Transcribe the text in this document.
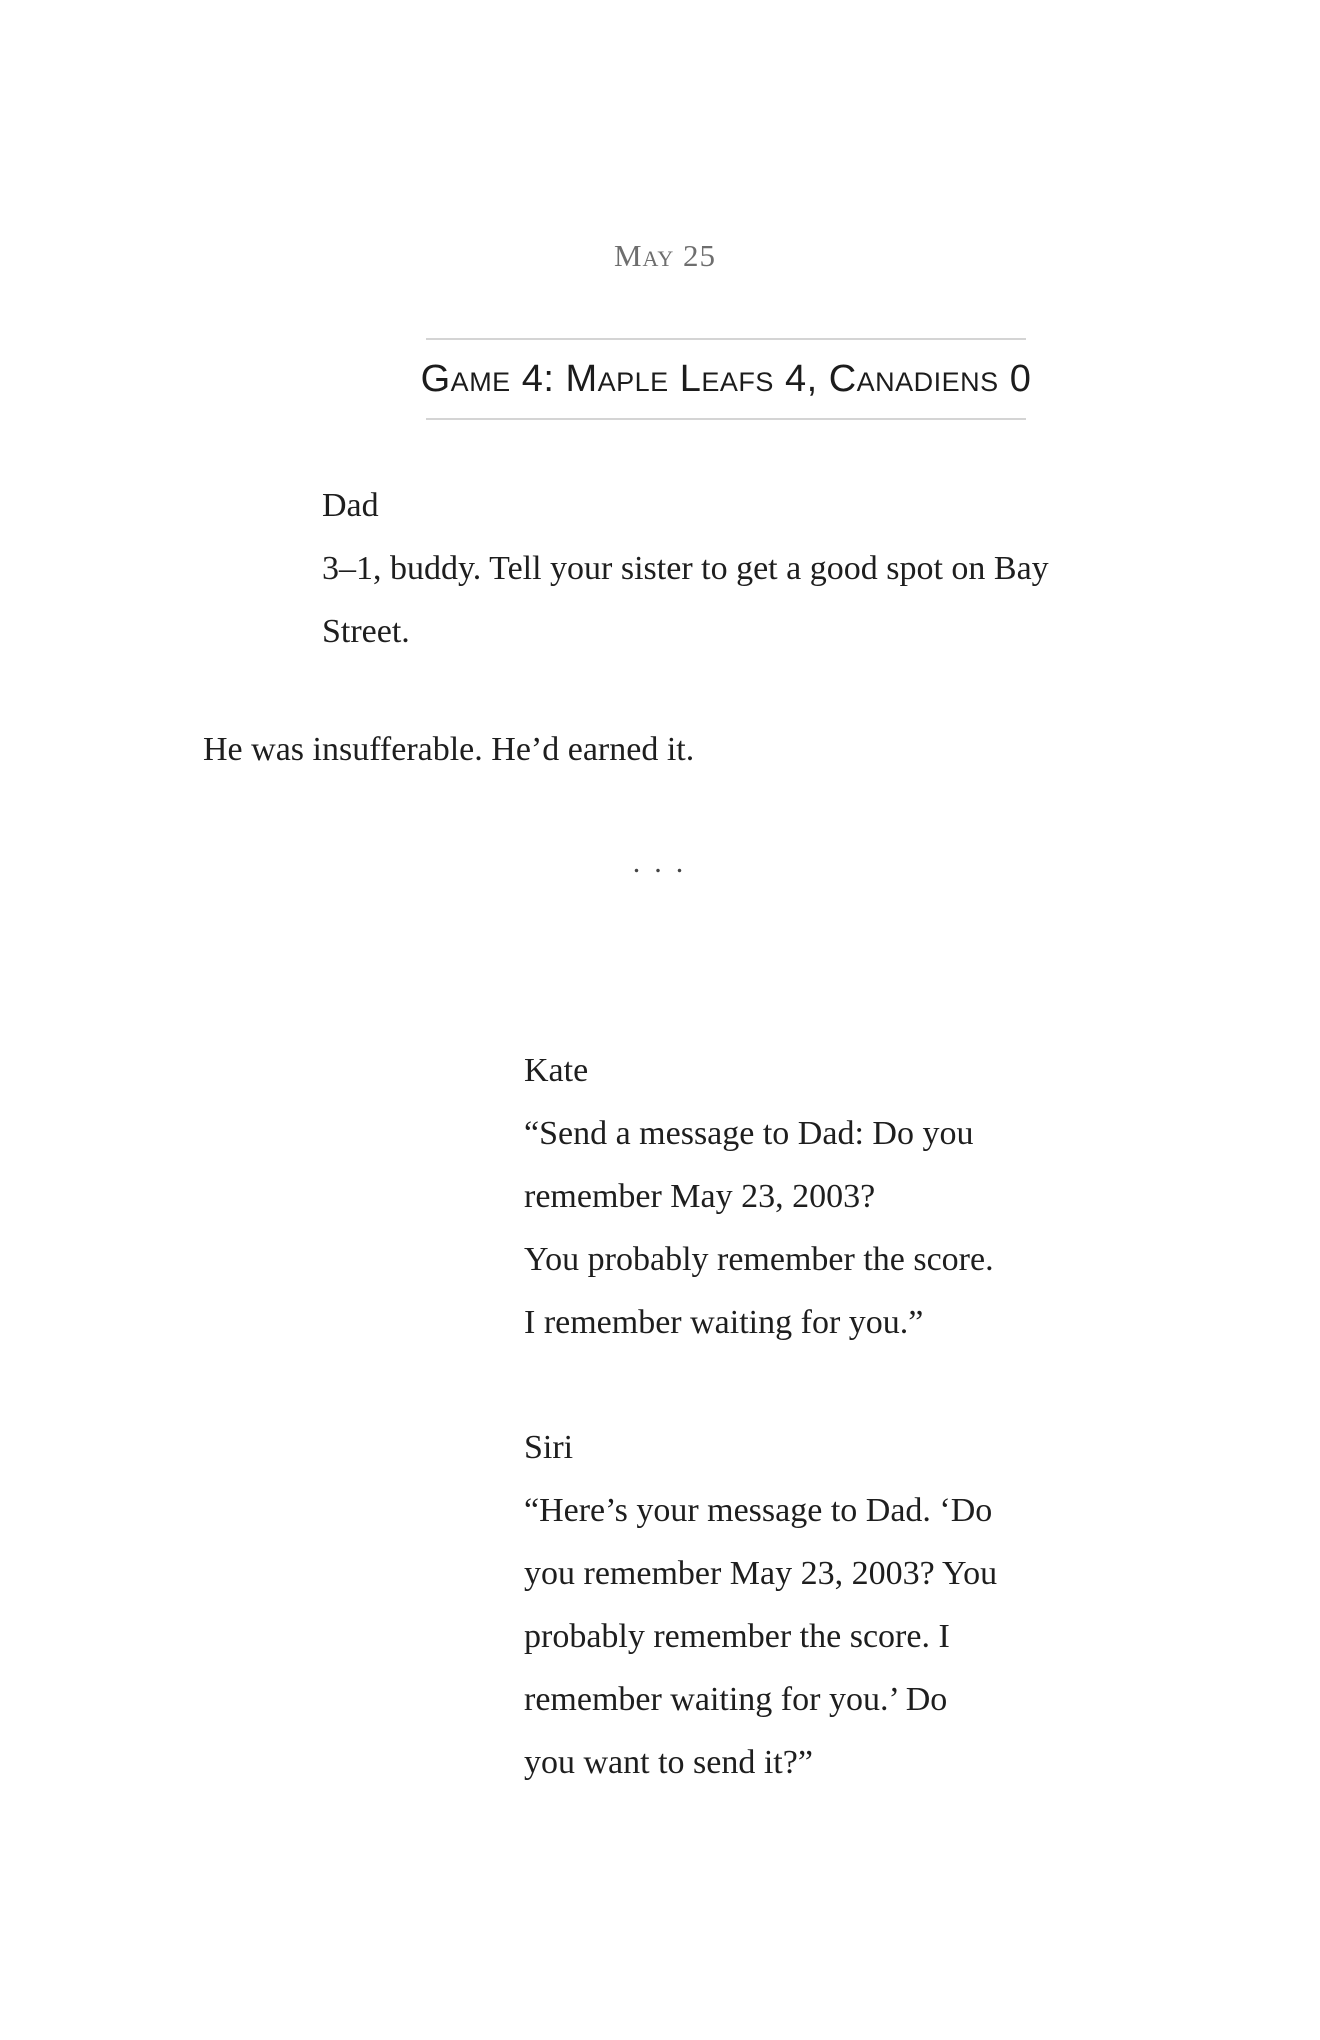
May 25
Game 4: Maple Leafs 4, Canadiens 0
Dad
3–1, buddy. Tell your sister to get a good spot on Bay
Street.
He was insufferable. He’d earned it.
...
Kate
“Send a message to Dad: Do you
remember May 23, 2003?
You probably remember the score.
I remember waiting for you.”
Siri
“Here’s your message to Dad. ‘Do
you remember May 23, 2003? You
probably remember the score. I
remember waiting for you.’ Do
you want to send it?”
